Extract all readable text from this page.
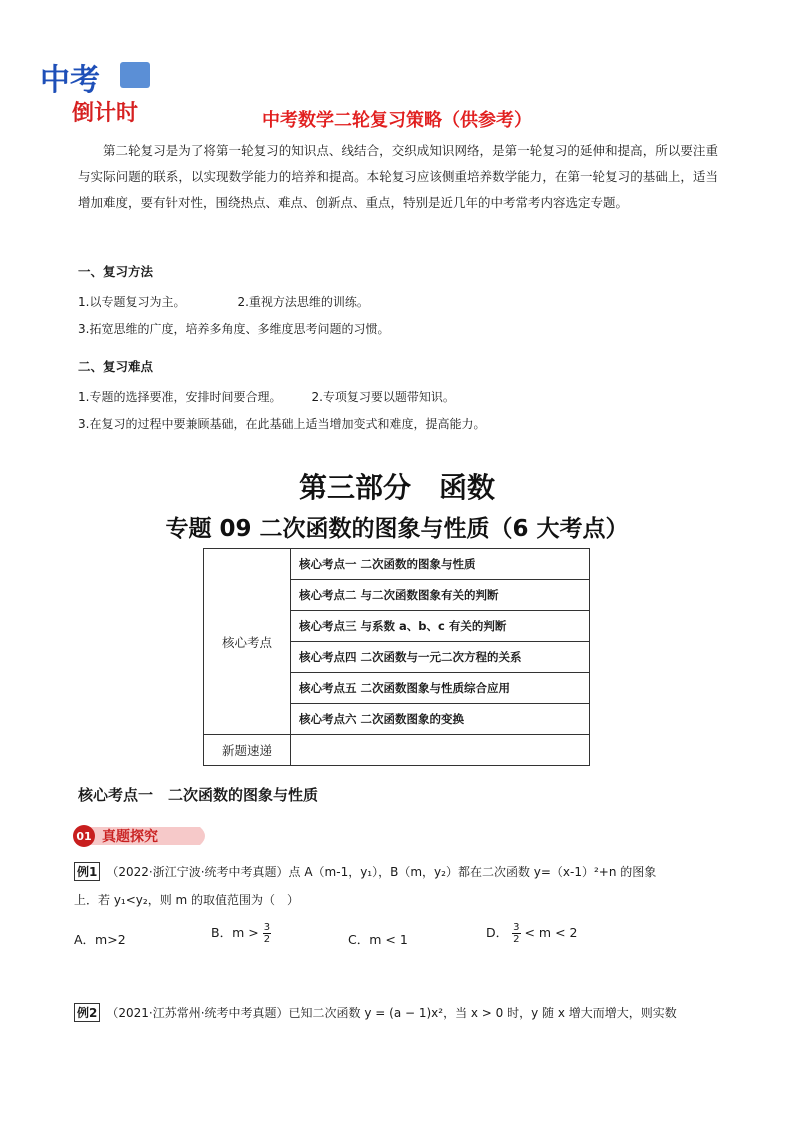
中考
倒计时	中考数学二轮复习策略（供参考）

第二轮复习是为了将第一轮复习的知识点、线结合，交织成知识网络，是第一轮复习的延伸和提高，所以要注重与实际问题的联系，以实现数学能力的培养和提高。本轮复习应该侧重培养数学能力，在第一轮复习的基础上，适当增加难度，要有针对性，围绕热点、难点、创新点、重点，特别是近几年的中考常考内容选定专题。

一、复习方法
1.以专题复习为主。	2.重视方法思维的训练。
3.拓宽思维的广度，培养多角度、多维度思考问题的习惯。
二、复习难点
1.专题的选择要准，安排时间要合理。	2.专项复习要以题带知识。
3.在复习的过程中要兼顾基础，在此基础上适当增加变式和难度，提高能力。
第三部分　函数
专题 09 二次函数的图象与性质（6 大考点）
核心考点	核心考点一 二次函数的图象与性质
	核心考点二 与二次函数图象有关的判断
	核心考点三 与系数 a、b、c 有关的判断
	核心考点四 二次函数与一元二次方程的关系
	核心考点五 二次函数图象与性质综合应用
	核心考点六 二次函数图象的变换
新题速递	
核心考点一　二次函数的图象与性质
01 真题探究
例1 （2022·浙江宁波·统考中考真题）点 A（m-1，y₁），B（m，y₂）都在二次函数 y=（x-1）²+n 的图象
上．若 y₁<y₂，则 m 的取值范围为（　）
A．m>2	B．$m > \frac{3}{2}$	C．m < 1	D． $\frac{3}{2} < m < 2$
例2 （2021·江苏常州·统考中考真题）已知二次函数 y = (a − 1)x²，当 x > 0 时，y 随 x 增大而增大，则实数
